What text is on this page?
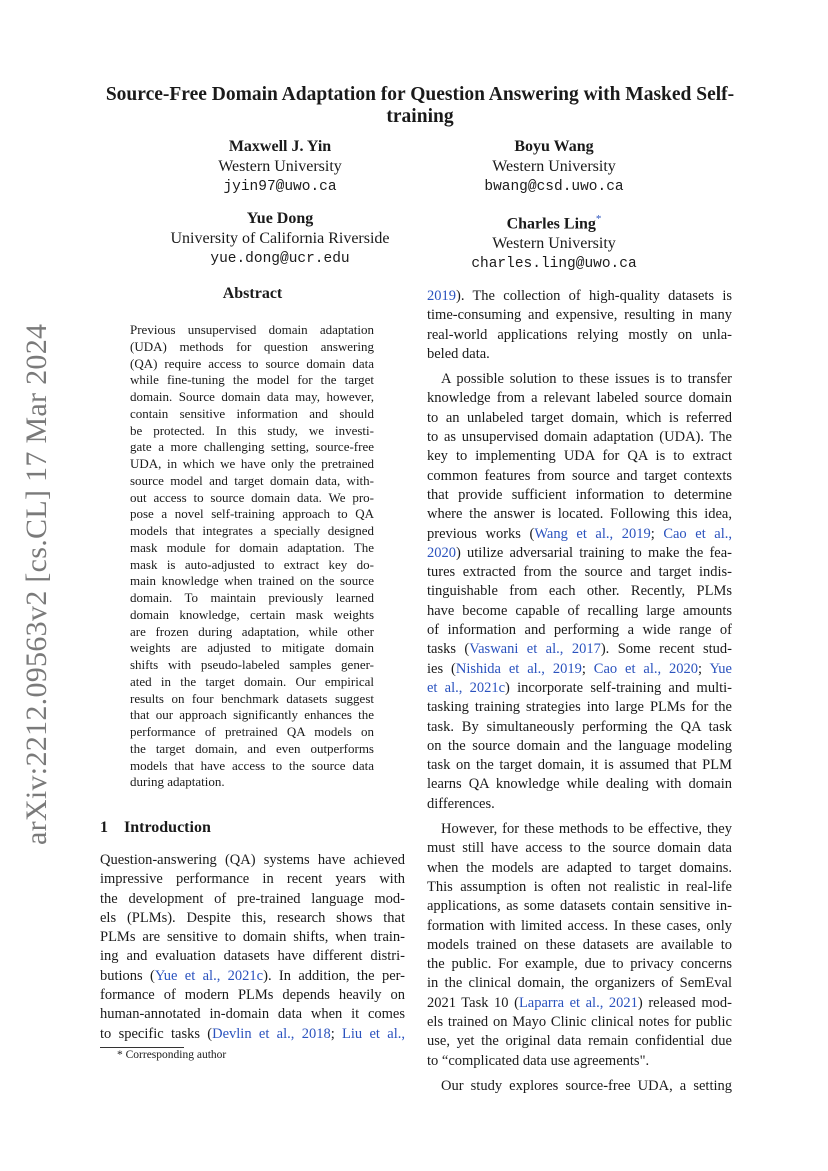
Source-Free Domain Adaptation for Question Answering with Masked Self-training
Maxwell J. Yin
Western University
jyin97@uwo.ca
Boyu Wang
Western University
bwang@csd.uwo.ca
Yue Dong
University of California Riverside
yue.dong@ucr.edu
Charles Ling*
Western University
charles.ling@uwo.ca
arXiv:2212.09563v2 [cs.CL] 17 Mar 2024
Abstract
Previous unsupervised domain adaptation
(UDA) methods for question answering
(QA) require access to source domain data
while fine-tuning the model for the target
domain. Source domain data may, however,
contain sensitive information and should
be protected. In this study, we investi-
gate a more challenging setting, source-free
UDA, in which we have only the pretrained
source model and target domain data, with-
out access to source domain data. We pro-
pose a novel self-training approach to QA
models that integrates a specially designed
mask module for domain adaptation. The
mask is auto-adjusted to extract key do-
main knowledge when trained on the source
domain. To maintain previously learned
domain knowledge, certain mask weights
are frozen during adaptation, while other
weights are adjusted to mitigate domain
shifts with pseudo-labeled samples gener-
ated in the target domain. Our empirical
results on four benchmark datasets suggest
that our approach significantly enhances the
performance of pretrained QA models on
the target domain, and even outperforms
models that have access to the source data
during adaptation.
1 Introduction
Question-answering (QA) systems have achieved
impressive performance in recent years with
the development of pre-trained language mod-
els (PLMs). Despite this, research shows that
PLMs are sensitive to domain shifts, when train-
ing and evaluation datasets have different distri-
butions (Yue et al., 2021c). In addition, the per-
formance of modern PLMs depends heavily on
human-annotated in-domain data when it comes
to specific tasks (Devlin et al., 2018; Liu et al.,
2019). The collection of high-quality datasets is
time-consuming and expensive, resulting in many
real-world applications relying mostly on unla-
beled data.
A possible solution to these issues is to transfer
knowledge from a relevant labeled source domain
to an unlabeled target domain, which is referred
to as unsupervised domain adaptation (UDA). The
key to implementing UDA for QA is to extract
common features from source and target contexts
that provide sufficient information to determine
where the answer is located. Following this idea,
previous works (Wang et al., 2019; Cao et al.,
2020) utilize adversarial training to make the fea-
tures extracted from the source and target indis-
tinguishable from each other. Recently, PLMs
have become capable of recalling large amounts
of information and performing a wide range of
tasks (Vaswani et al., 2017). Some recent stud-
ies (Nishida et al., 2019; Cao et al., 2020; Yue
et al., 2021c) incorporate self-training and multi-
tasking training strategies into large PLMs for the
task. By simultaneously performing the QA task
on the source domain and the language modeling
task on the target domain, it is assumed that PLM
learns QA knowledge while dealing with domain
differences.
However, for these methods to be effective, they
must still have access to the source domain data
when the models are adapted to target domains.
This assumption is often not realistic in real-life
applications, as some datasets contain sensitive in-
formation with limited access. In these cases, only
models trained on these datasets are available to
the public. For example, due to privacy concerns
in the clinical domain, the organizers of SemEval
2021 Task 10 (Laparra et al., 2021) released mod-
els trained on Mayo Clinic clinical notes for public
use, yet the original data remain confidential due
to “complicated data use agreements".
Our study explores source-free UDA, a setting
* Corresponding author
